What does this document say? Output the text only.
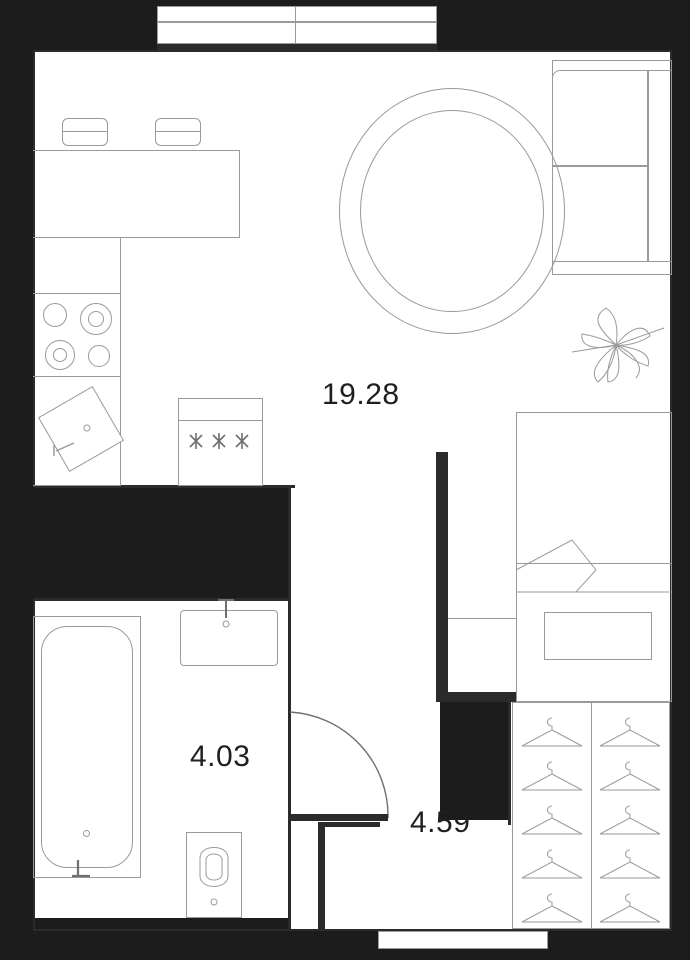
19.28
4.03
4.59
